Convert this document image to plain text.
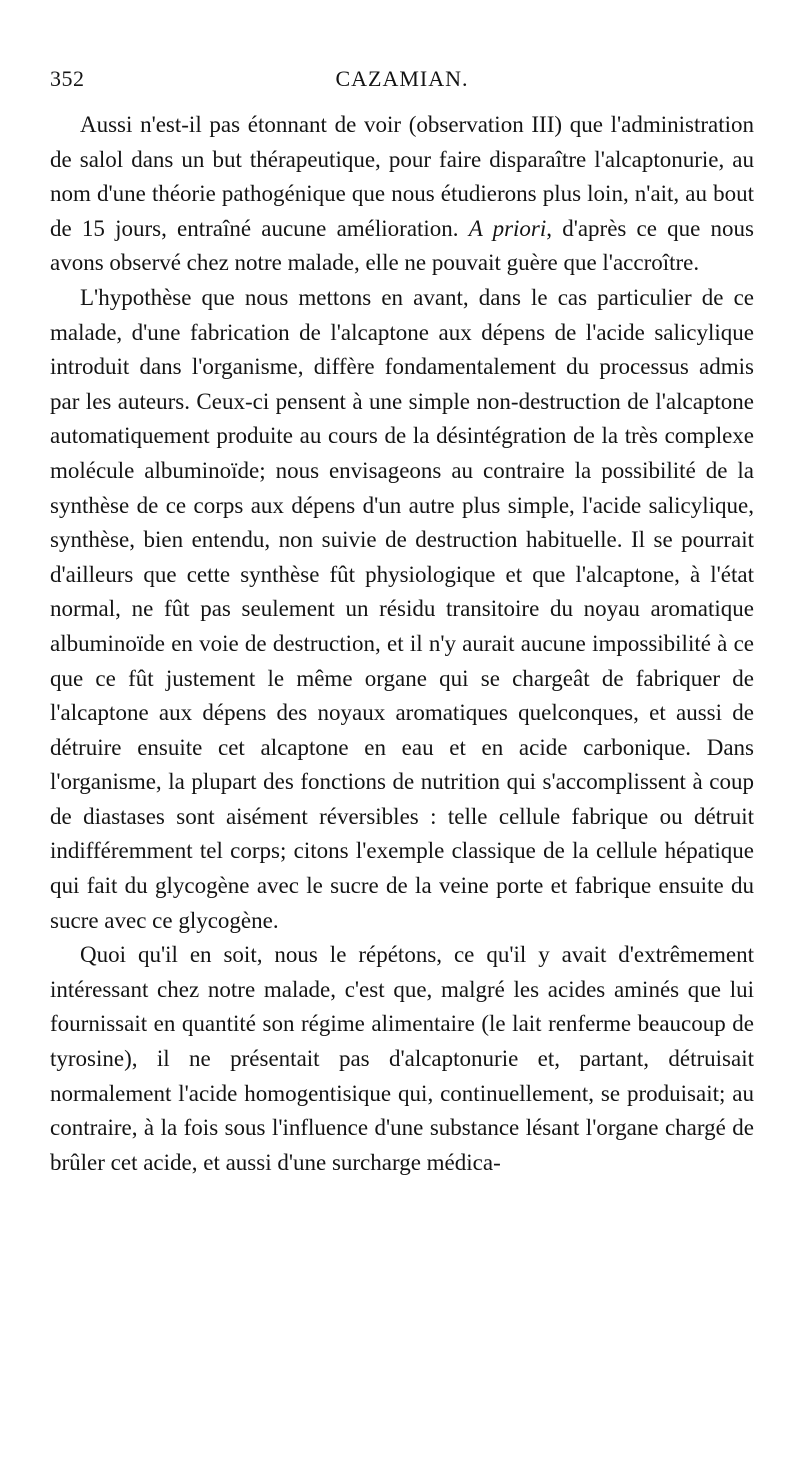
352	CAZAMIAN.

Aussi n'est-il pas étonnant de voir (observation III) que l'administration de salol dans un but thérapeutique, pour faire disparaître l'alcaptonurie, au nom d'une théorie pathogénique que nous étudierons plus loin, n'ait, au bout de 15 jours, entraîné aucune amélioration. A priori, d'après ce que nous avons observé chez notre malade, elle ne pouvait guère que l'accroître.

L'hypothèse que nous mettons en avant, dans le cas particulier de ce malade, d'une fabrication de l'alcaptone aux dépens de l'acide salicylique introduit dans l'organisme, diffère fondamentalement du processus admis par les auteurs. Ceux-ci pensent à une simple non-destruction de l'alcaptone automatiquement produite au cours de la désintégration de la très complexe molécule albuminoïde; nous envisageons au contraire la possibilité de la synthèse de ce corps aux dépens d'un autre plus simple, l'acide salicylique, synthèse, bien entendu, non suivie de destruction habituelle. Il se pourrait d'ailleurs que cette synthèse fût physiologique et que l'alcaptone, à l'état normal, ne fût pas seulement un résidu transitoire du noyau aromatique albuminoïde en voie de destruction, et il n'y aurait aucune impossibilité à ce que ce fût justement le même organe qui se chargeât de fabriquer de l'alcaptone aux dépens des noyaux aromatiques quelconques, et aussi de détruire ensuite cet alcaptone en eau et en acide carbonique. Dans l'organisme, la plupart des fonctions de nutrition qui s'accomplissent à coup de diastases sont aisément réversibles : telle cellule fabrique ou détruit indifféremment tel corps; citons l'exemple classique de la cellule hépatique qui fait du glycogène avec le sucre de la veine porte et fabrique ensuite du sucre avec ce glycogène.

Quoi qu'il en soit, nous le répétons, ce qu'il y avait d'extrêmement intéressant chez notre malade, c'est que, malgré les acides aminés que lui fournissait en quantité son régime alimentaire (le lait renferme beaucoup de tyrosine), il ne présentait pas d'alcaptonurie et, partant, détruisait normalement l'acide homogentisique qui, continuellement, se produisait; au contraire, à la fois sous l'influence d'une substance lésant l'organe chargé de brûler cet acide, et aussi d'une surcharge médica-
